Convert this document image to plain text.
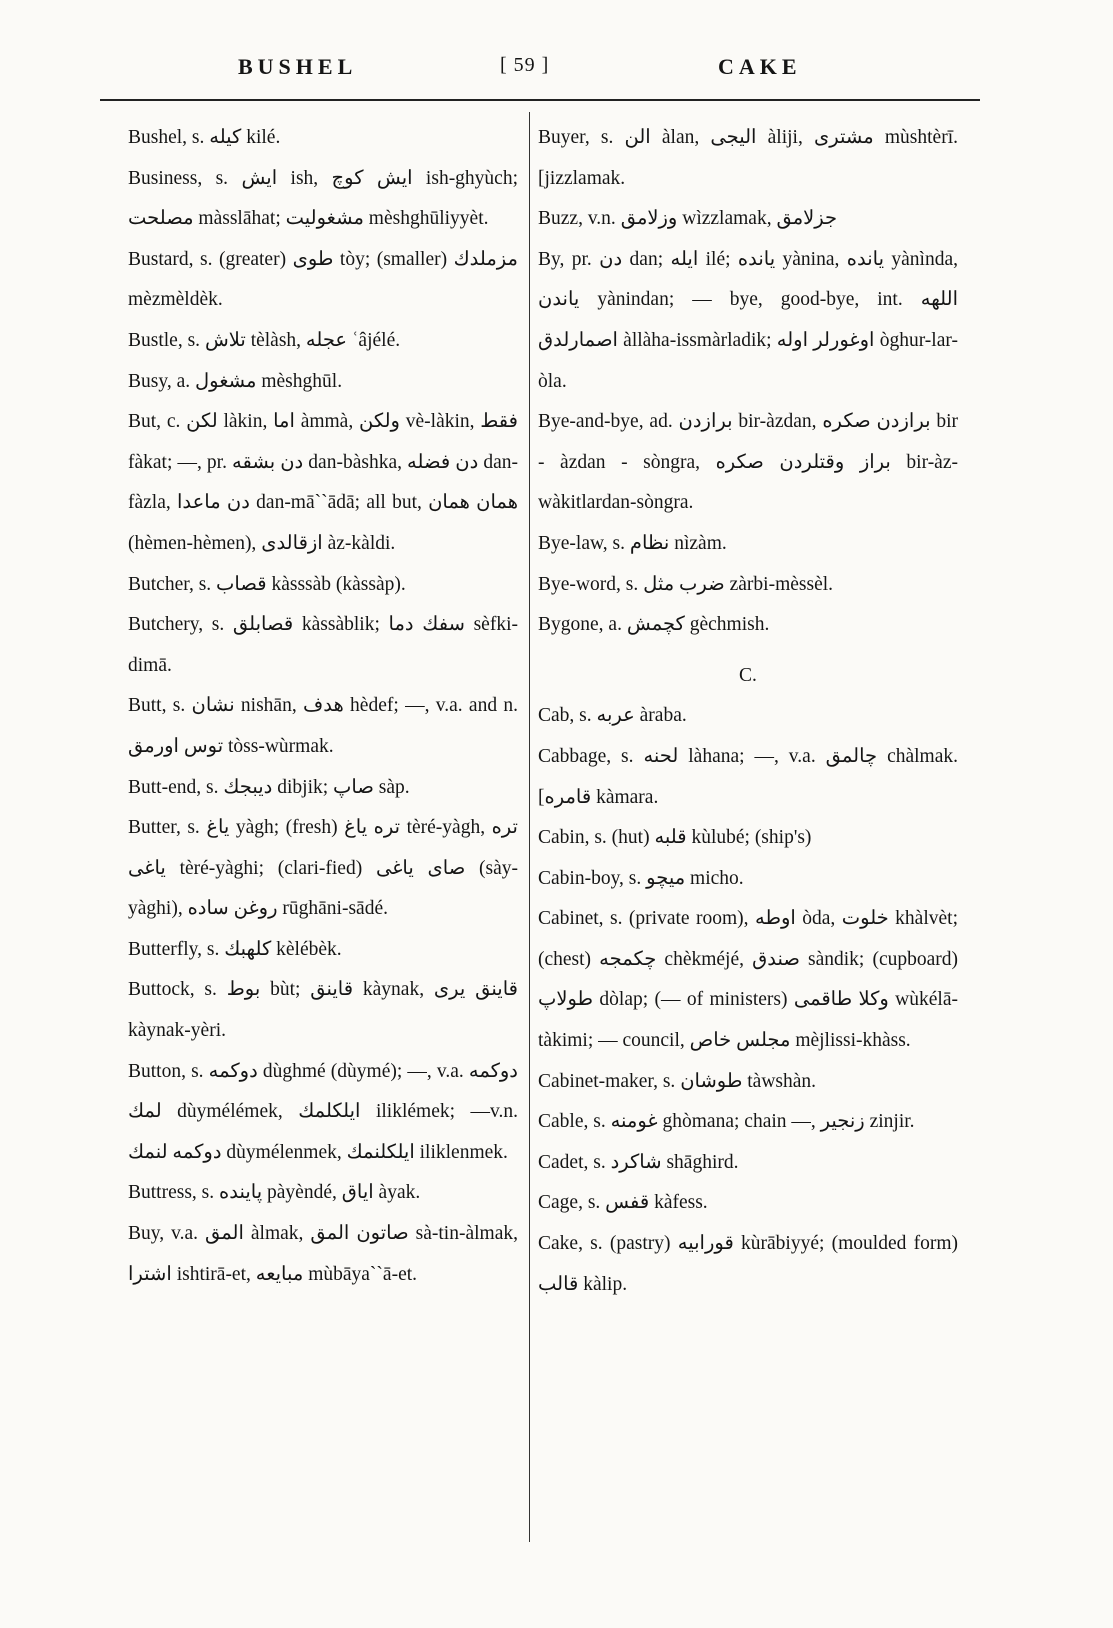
BUSHEL	[ 59 ]	CAKE

Bushel, s. كيله kilé.

Business, s. ايش ish, ايش كوچ ish-ghyùch; مصلحت màsslāhat; مشغوليت mèshghūliyyèt.

Bustard, s. (greater) طوى tòy; (smaller) مزملدك mèzmèldèk.

Bustle, s. تلاش tèlàsh, عجله ʿâjélé.

Busy, a. مشغول mèshghūl.

But, c. لكن làkin, اما àmmà, ولكن vè-làkin, فقط fàkat; —, pr. دن بشقه dan-bàshka, دن فضله dan-fàzla, دن ماعدا dan-mā``ādā; all but, همان همان (hèmen-hèmen), ازقالدی àz-kàldi.

Butcher, s. قصاب kàsssàb (kàssàp).

Butchery, s. قصابلق kàssàblik; سفك دما sèfki-dimā.

Butt, s. نشان nishān, هدف hèdef; —, v.a. and n. توس اورمق tòss-wùrmak.

Butt-end, s. ديبجك dibjik; صاپ sàp.

Butter, s. ياغ yàgh; (fresh) تره ياغ tèré-yàgh, تره ياغى tèré-yàghi; (clari-fied) صاى ياغى (sày-yàghi), روغن ساده rūghāni-sādé.

Butterfly, s. كلهبك kèlébèk.

Buttock, s. بوط bùt; قاينق kàynak, قاينق يرى kàynak-yèri.

Button, s. دوكمه dùghmé (dùymé); —, v.a. دوكمه لمك dùymélémek, ايلكلمك iliklémek; —v.n. دوكمه لنمك dùymélenmek, ايلكلنمك iliklenmek.

Buttress, s. پاينده pàyèndé, اياق àyak.

Buy, v.a. المق àlmak, صاتون المق sà-tin-àlmak, اشترا ishtirā-et, مبايعه mùbāya``ā-et.

Buyer, s. الن àlan, الیجی àliji, مشترى mùshtèrī. [jizzlamak.

Buzz, v.n. وزلامق wìzzlamak, جزلامق

By, pr. دن dan; ايله ilé; يانده yànina, يانده yànìnda, ياندن yànindan; — bye, good-bye, int. اللهه اصمارلدق àllàha-issmàrladik; اوغورلر اوله òghur-lar-òla.

Bye-and-bye, ad. برازدن bir-àzdan, برازدن صكره bir - àzdan - sòngra, براز وقتلردن صكره bir-àz-wàkitlardan-sòngra.

Bye-law, s. نظام nìzàm.

Bye-word, s. ضرب مثل zàrbi-mèssèl.

Bygone, a. كچمش gèchmish.

C.

Cab, s. عربه àraba.

Cabbage, s. لحنه làhana; —, v.a. چالمق chàlmak. [قامره kàmara.

Cabin, s. (hut) قلبه kùlubé; (ship's)

Cabin-boy, s. میچو micho.

Cabinet, s. (private room), اوطه òda, خلوت khàlvèt; (chest) چكمجه chèkméjé, صندق sàndik; (cupboard) طولاپ dòlap; (— of ministers) وكلا طاقمى wùkélā-tàkimi; — council, مجلس خاص mèjlissi-khàss.

Cabinet-maker, s. طوشان tàwshàn.

Cable, s. غومنه ghòmana; chain —, زنجير zinjir.

Cadet, s. شاكرد shāghird.

Cage, s. قفس kàfess.

Cake, s. (pastry) قورابيه kùrābiyyé; (moulded form) قالب kàlip.
